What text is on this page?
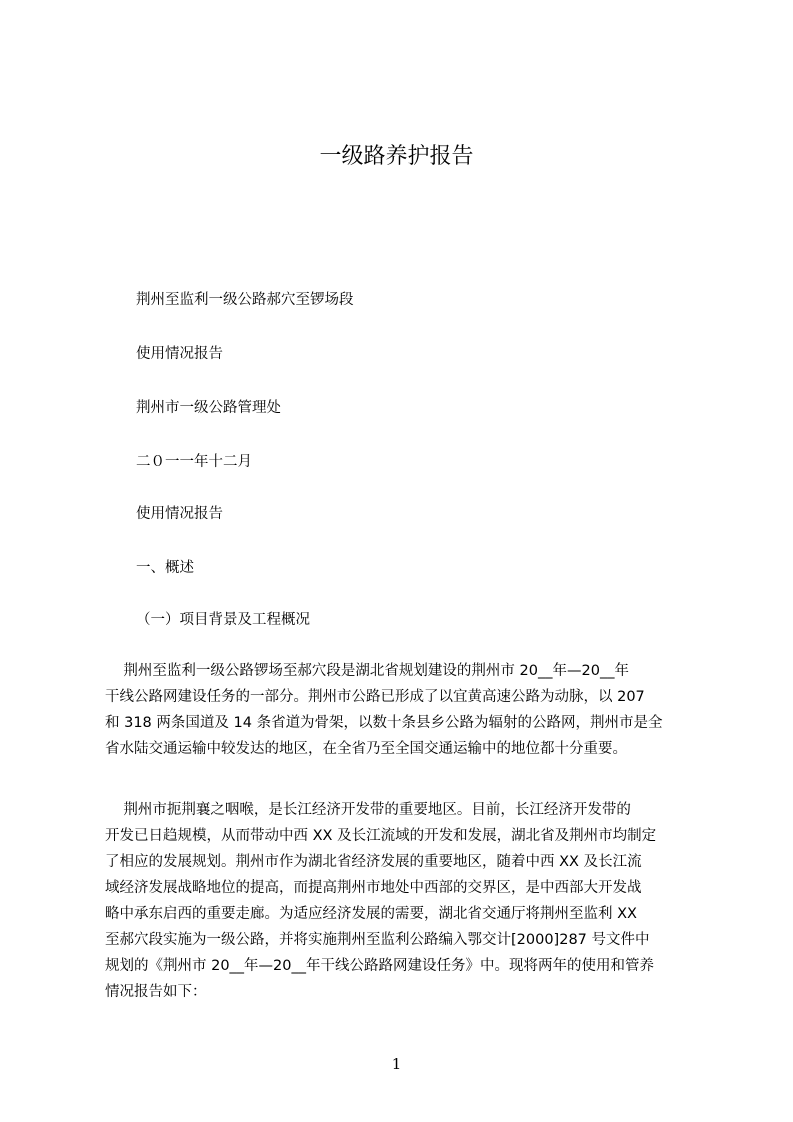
一级路养护报告
荆州至监利一级公路郝穴至锣场段
使用情况报告
荆州市一级公路管理处
二０一一年十二月
使用情况报告
一、概述
（一）项目背景及工程概况
荆州至监利一级公路锣场至郝穴段是湖北省规划建设的荆州市 20__年—20__年
干线公路网建设任务的一部分。荆州市公路已形成了以宜黄高速公路为动脉，以 207
和 318 两条国道及 14 条省道为骨架，以数十条县乡公路为辐射的公路网，荆州市是全
省水陆交通运输中较发达的地区，在全省乃至全国交通运输中的地位都十分重要。
荆州市扼荆襄之咽喉，是长江经济开发带的重要地区。目前，长江经济开发带的
开发已日趋规模，从而带动中西 XX 及长江流域的开发和发展，湖北省及荆州市均制定
了相应的发展规划。荆州市作为湖北省经济发展的重要地区，随着中西 XX 及长江流
域经济发展战略地位的提高，而提高荆州市地处中西部的交界区，是中西部大开发战
略中承东启西的重要走廊。为适应经济发展的需要，湖北省交通厅将荆州至监利 XX
至郝穴段实施为一级公路，并将实施荆州至监利公路编入鄂交计[2000]287 号文件中
规划的《荆州市 20__年—20__年干线公路路网建设任务》中。现将两年的使用和管养
情况报告如下：
1
